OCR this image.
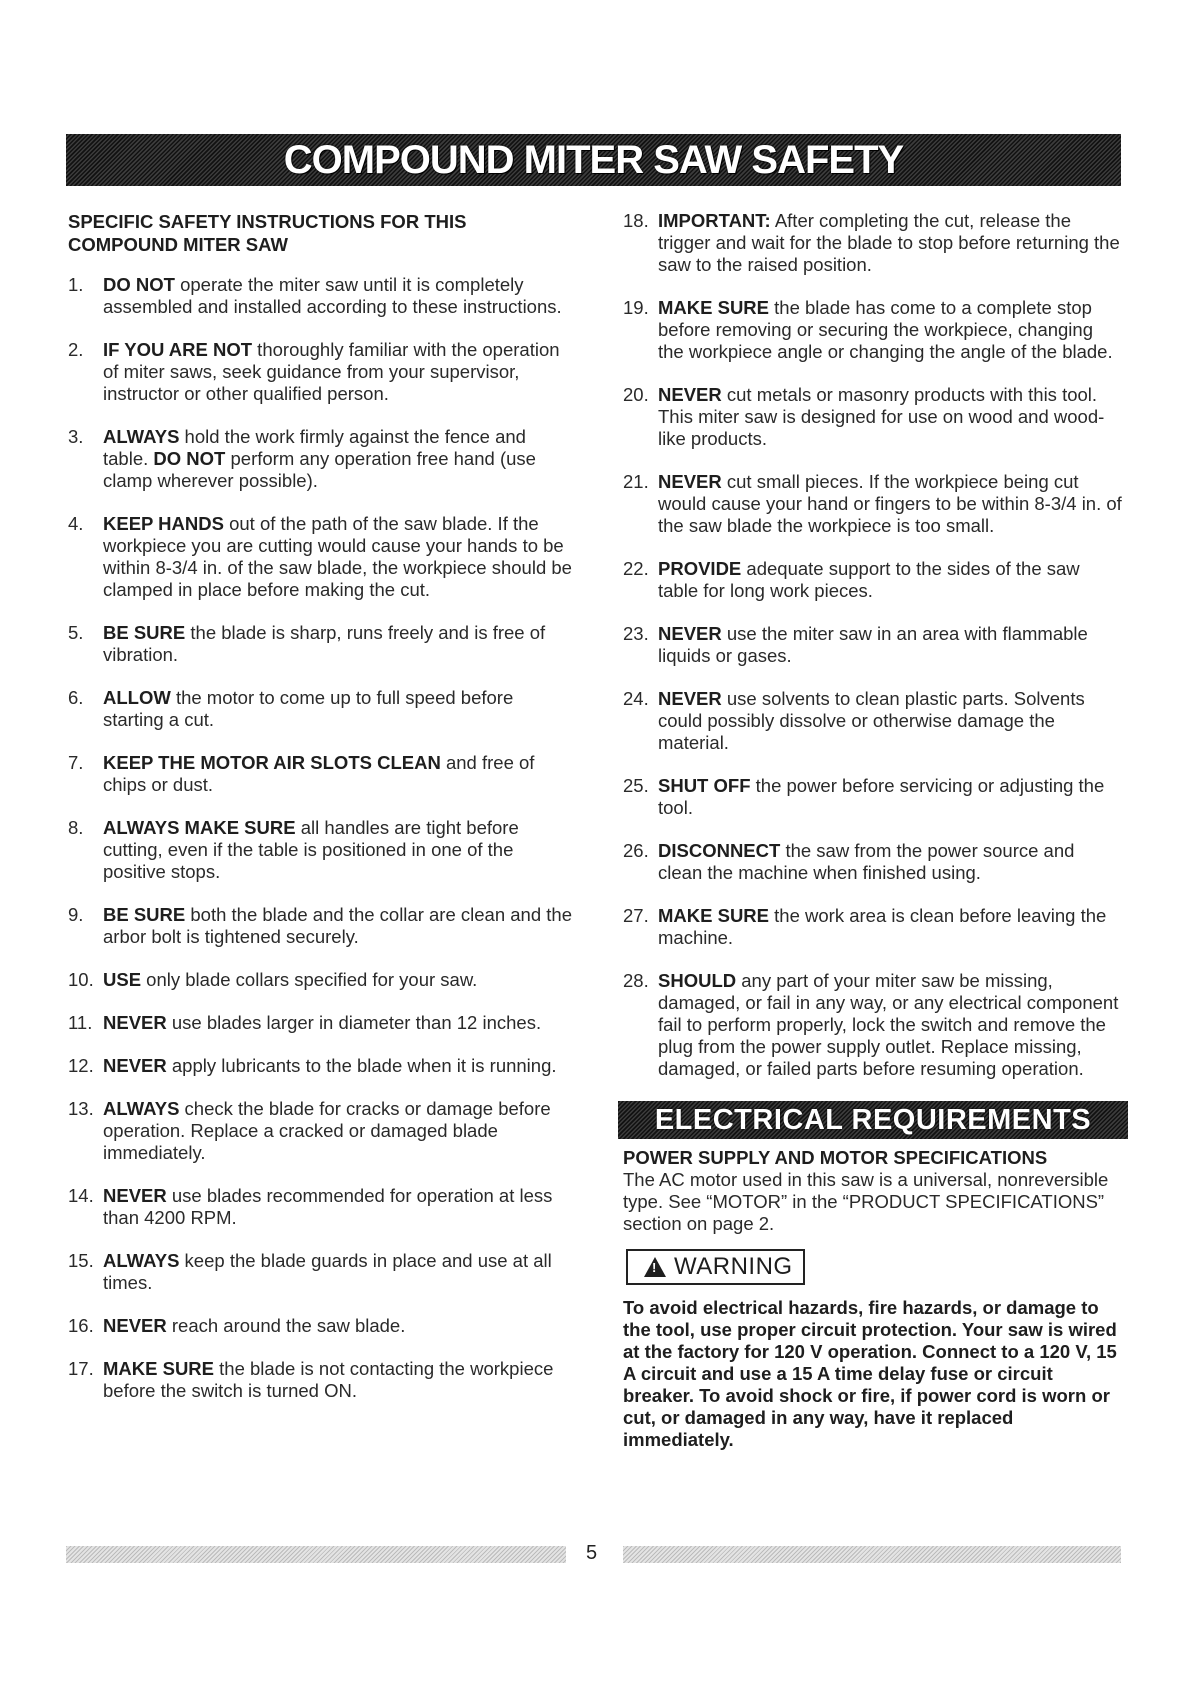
COMPOUND MITER SAW SAFETY
SPECIFIC SAFETY INSTRUCTIONS FOR THIS COMPOUND MITER SAW
1.	DO NOT operate the miter saw until it is completely assembled and installed according to these instructions.
2.	IF YOU ARE NOT thoroughly familiar with the operation of miter saws, seek guidance from your supervisor, instructor or other qualified person.
3.	ALWAYS hold the work firmly against the fence and table. DO NOT perform any operation free hand (use clamp wherever possible).
4.	KEEP HANDS out of the path of the saw blade. If the workpiece you are cutting would cause your hands to be within 8-3/4 in. of the saw blade, the workpiece should be clamped in place before making the cut.
5.	BE SURE the blade is sharp, runs freely and is free of vibration.
6.	ALLOW the motor to come up to full speed before starting a cut.
7.	KEEP THE MOTOR AIR SLOTS CLEAN and free of chips or dust.
8.	ALWAYS MAKE SURE all handles are tight before cutting, even if the table is positioned in one of the positive stops.
9.	BE SURE both the blade and the collar are clean and the arbor bolt is tightened securely.
10. USE only blade collars specified for your saw.
11. NEVER use blades larger in diameter than 12 inches.
12. NEVER apply lubricants to the blade when it is running.
13. ALWAYS check the blade for cracks or damage before operation. Replace a cracked or damaged blade immediately.
14. NEVER use blades recommended for operation at less than 4200 RPM.
15. ALWAYS keep the blade guards in place and use at all times.
16. NEVER reach around the saw blade.
17. MAKE SURE the blade is not contacting the workpiece before the switch is turned ON.
18. IMPORTANT: After completing the cut, release the trigger and wait for the blade to stop before returning the saw to the raised position.
19. MAKE SURE the blade has come to a complete stop before removing or securing the workpiece, changing the workpiece angle or changing the angle of the blade.
20. NEVER cut metals or masonry products with this tool. This miter saw is designed for use on wood and wood-like products.
21. NEVER cut small pieces. If the workpiece being cut would cause your hand or fingers to be within 8-3/4 in. of the saw blade the workpiece is too small.
22. PROVIDE adequate support to the sides of the saw table for long work pieces.
23. NEVER use the miter saw in an area with flammable liquids or gases.
24. NEVER use solvents to clean plastic parts. Solvents could possibly dissolve or otherwise damage the material.
25. SHUT OFF the power before servicing or adjusting the tool.
26. DISCONNECT the saw from the power source and clean the machine when finished using.
27. MAKE SURE the work area is clean before leaving the machine.
28. SHOULD any part of your miter saw be missing, damaged, or fail in any way, or any electrical component fail to perform properly, lock the switch and remove the plug from the power supply outlet. Replace missing, damaged, or failed parts before resuming operation.
ELECTRICAL REQUIREMENTS
POWER SUPPLY AND MOTOR SPECIFICATIONS
The AC motor used in this saw is a universal, nonreversible type. See “MOTOR” in the “PRODUCT SPECIFICATIONS” section on page 2.
! WARNING
To avoid electrical hazards, fire hazards, or damage to the tool, use proper circuit protection. Your saw is wired at the factory for 120 V operation. Connect to a 120 V, 15 A circuit and use a 15 A time delay fuse or circuit breaker. To avoid shock or fire, if power cord is worn or cut, or damaged in any way, have it replaced immediately.
5
